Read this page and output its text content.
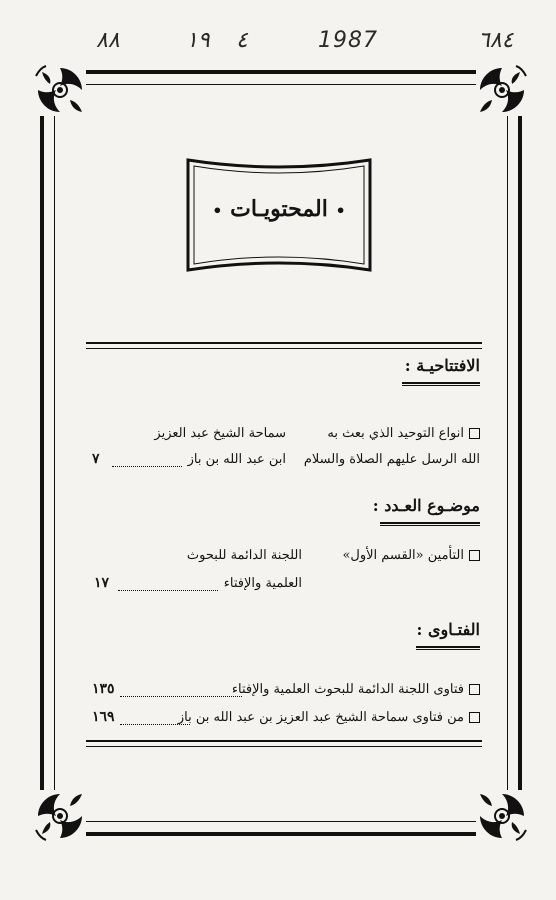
٨٨	١٩ ٤	1987	٦٨٤
• المحتويـات •
الافتتاحيـة :
انواع التوحيد الذي بعث به
الله الرسل عليهم الصلاة والسلام
سماحة الشيخ عبد العزيز
ابن عبد الله بن باز
٧
موضـوع العـدد :
التأمين «القسم الأول»
اللجنة الدائمة للبحوث
العلمية والإفتاء
١٧
الفتـاوى :
فتاوى اللجنة الدائمة للبحوث العلمية والإفتاء
١٣٥
من فتاوى سماحة الشيخ عبد العزيز بن عبد الله بن باز
١٦٩
